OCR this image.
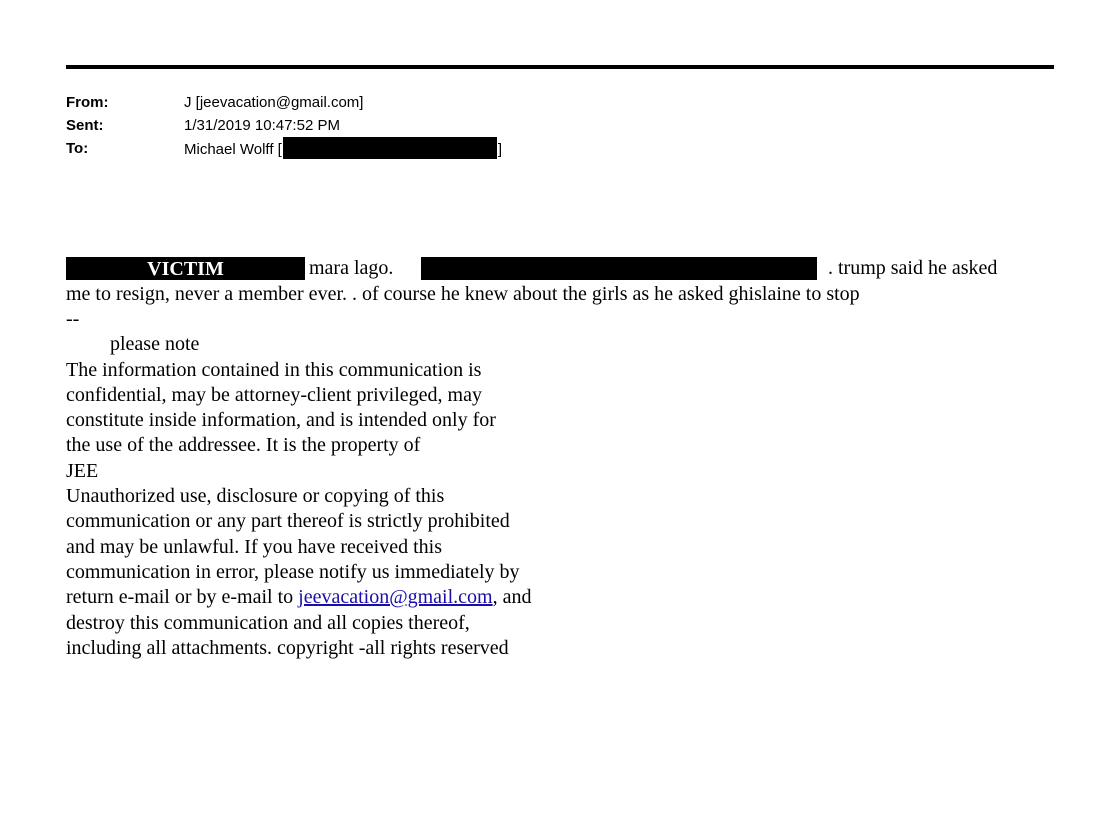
From:	J [jeevacation@gmail.com]
Sent:	1/31/2019 10:47:52 PM
To:	Michael Wolff [	]
VICTIM	mara lago.	. trump said he asked
me to resign, never a member ever. . of course he knew about the girls as he asked ghislaine to stop
--
please note
The information contained in this communication is
confidential, may be attorney-client privileged, may
constitute inside information, and is intended only for
the use of the addressee. It is the property of
JEE
Unauthorized use, disclosure or copying of this
communication or any part thereof is strictly prohibited
and may be unlawful. If you have received this
communication in error, please notify us immediately by
return e-mail or by e-mail to jeevacation@gmail.com, and
destroy this communication and all copies thereof,
including all attachments. copyright -all rights reserved
